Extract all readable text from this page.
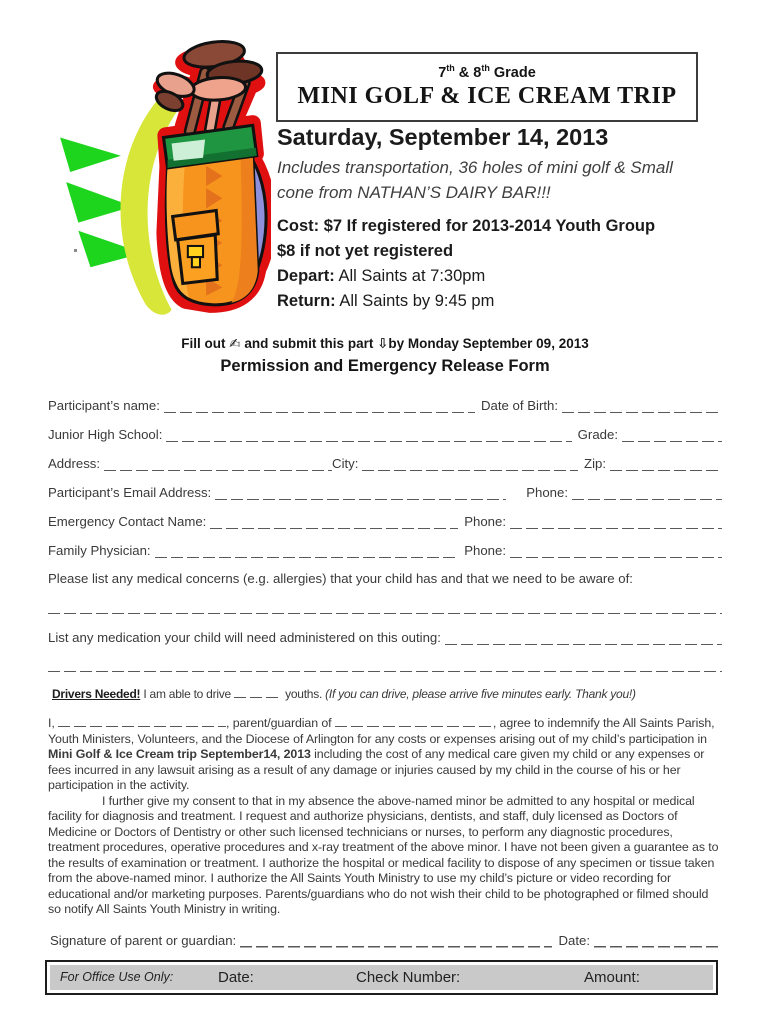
7th & 8th Grade
MINI GOLF & ICE CREAM TRIP
Saturday, September 14, 2013
Includes transportation, 36 holes of mini golf & Small
cone from NATHAN’S DAIRY BAR!!!
Cost: $7 If registered for 2013-2014 Youth Group
$8 if not yet registered
Depart: All Saints at 7:30pm
Return: All Saints by 9:45 pm
Fill out ✍ and submit this part ⇩by Monday September 09, 2013
Permission and Emergency Release Form
Participant’s name:	Date of Birth:
Junior High School:	Grade:
Address:	City:	Zip:
Participant’s Email Address:	Phone:
Emergency Contact Name:	Phone:
Family Physician:	Phone:
Please list any medical concerns (e.g. allergies) that your child has and that we need to be aware of:
List any medication your child will need administered on this outing:
Drivers Needed! I am able to drive	youths. (If you can drive, please arrive five minutes early. Thank you!)

I,	, parent/guardian of	, agree to indemnify the All Saints Parish, Youth Ministers, Volunteers, and the Diocese of Arlington for any costs or expenses arising out of my child’s participation in Mini Golf & Ice Cream trip September14, 2013 including the cost of any medical care given my child or any expenses or fees incurred in any lawsuit arising as a result of any damage or injuries caused by my child in the course of his or her participation in the activity.

I further give my consent to that in my absence the above-named minor be admitted to any hospital or medical facility for diagnosis and treatment. I request and authorize physicians, dentists, and staff, duly licensed as Doctors of Medicine or Doctors of Dentistry or other such licensed technicians or nurses, to perform any diagnostic procedures, treatment procedures, operative procedures and x-ray treatment of the above minor. I have not been given a guarantee as to the results of examination or treatment. I authorize the hospital or medical facility to dispose of any specimen or tissue taken from the above-named minor. I authorize the All Saints Youth Ministry to use my child’s picture or video recording for educational and/or marketing purposes. Parents/guardians who do not wish their child to be photographed or filmed should so notify All Saints Youth Ministry in writing.

Signature of parent or guardian:	Date:
For Office Use Only:	Date:	Check Number:	Amount:
